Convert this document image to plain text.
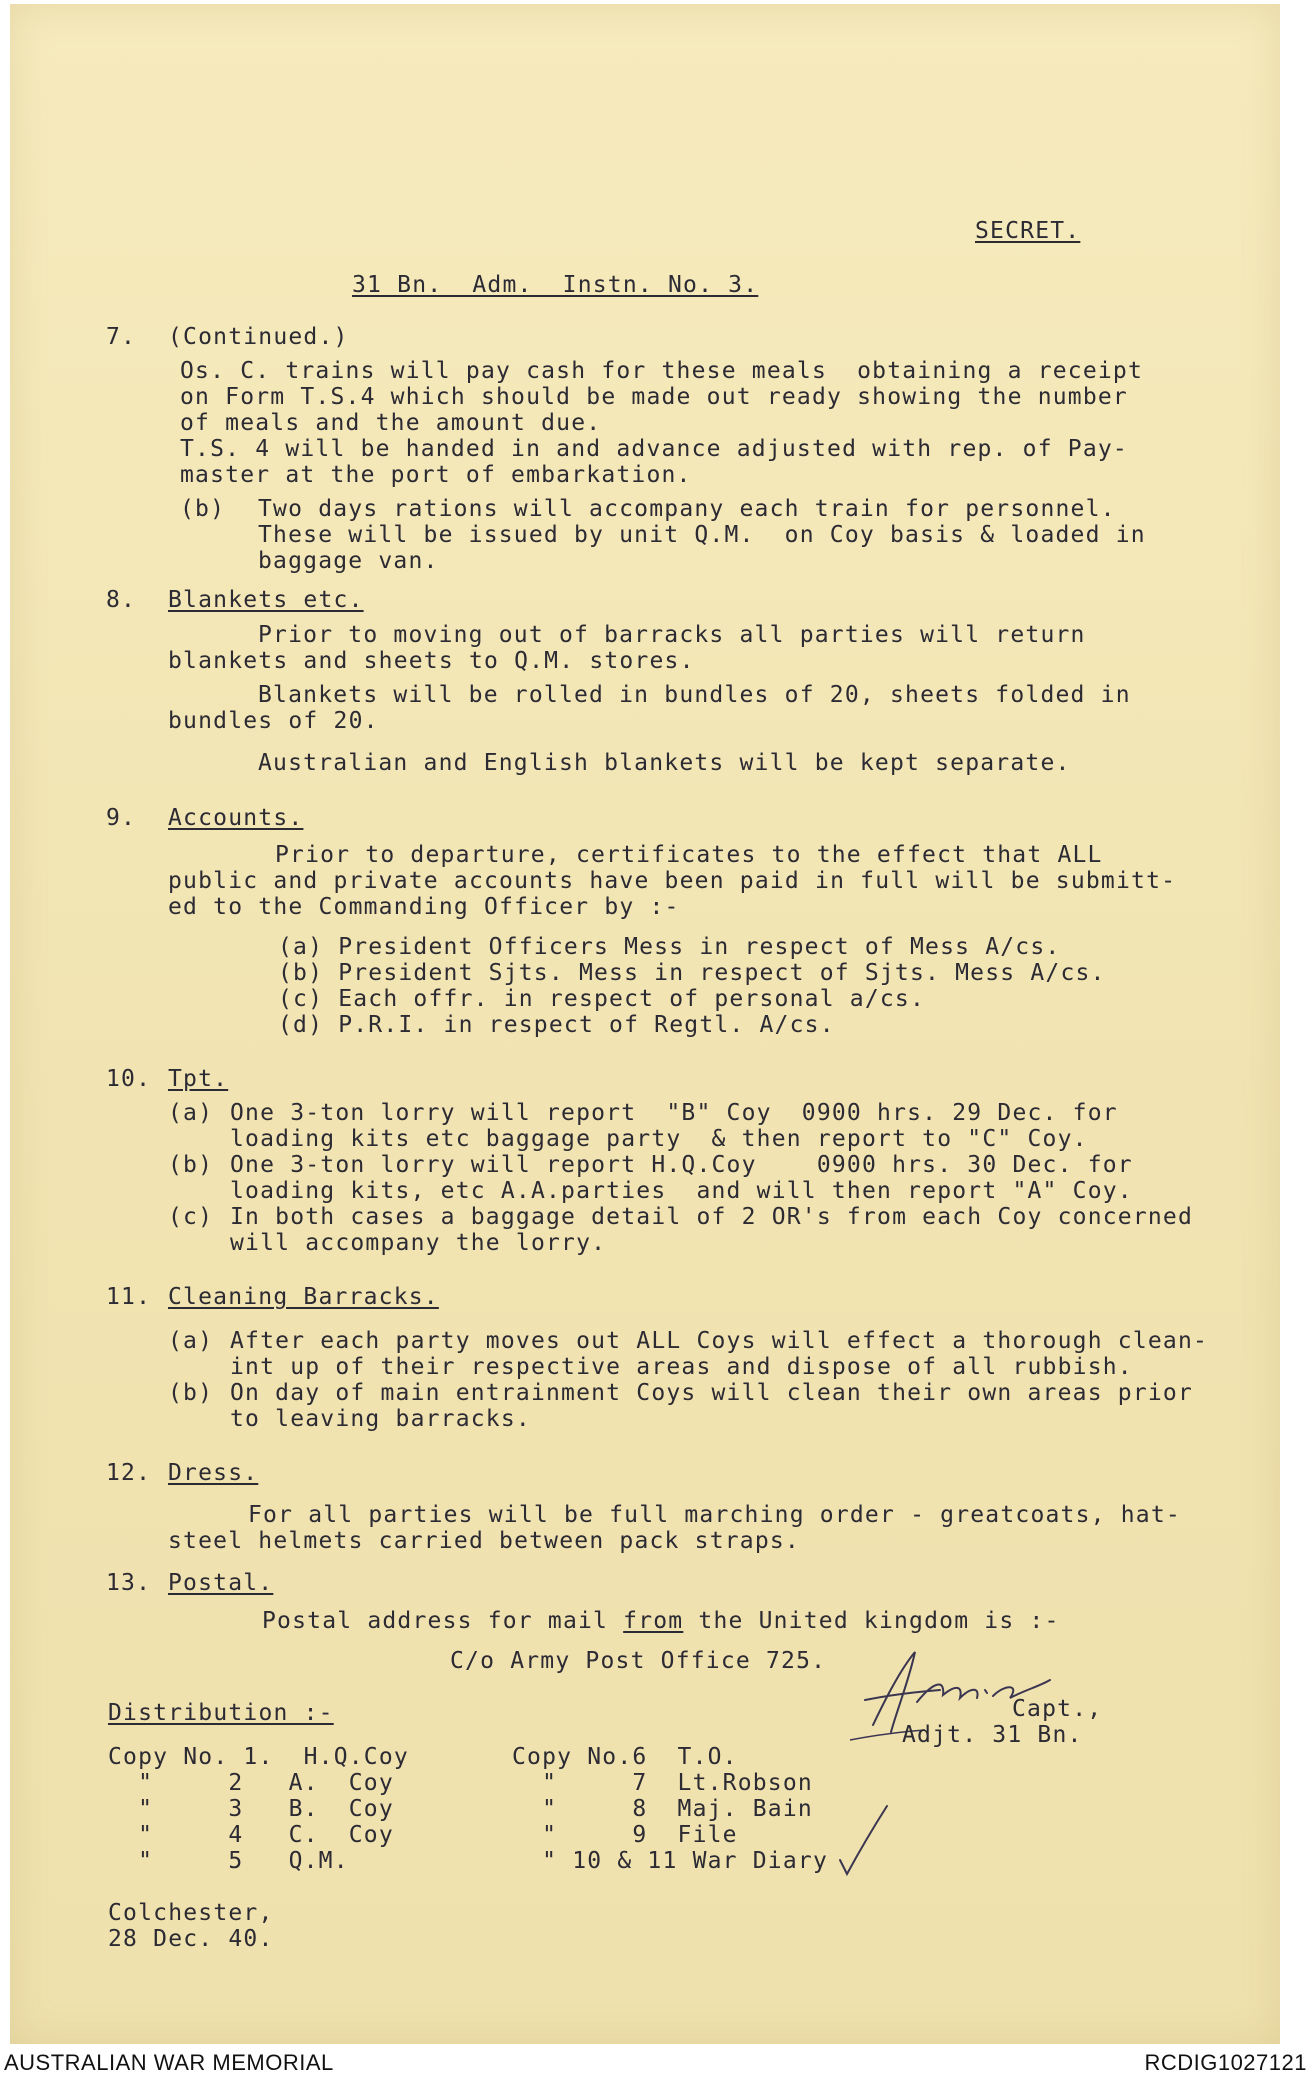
SECRET.
31 Bn.  Adm.  Instn. No. 3.
7. (Continued.)
Os. C. trains will pay cash for these meals  obtaining a receipt
on Form T.S.4 which should be made out ready showing the number
of meals and the amount due.
T.S. 4 will be handed in and advance adjusted with rep. of Pay-
master at the port of embarkation.
(b) Two days rations will accompany each train for personnel.
These will be issued by unit Q.M.  on Coy basis & loaded in
baggage van.
8. Blankets etc.
Prior to moving out of barracks all parties will return
blankets and sheets to Q.M. stores.
Blankets will be rolled in bundles of 20, sheets folded in
bundles of 20.
Australian and English blankets will be kept separate.
9. Accounts.
Prior to departure, certificates to the effect that ALL
public and private accounts have been paid in full will be submitt-
ed to the Commanding Officer by :-
(a) President Officers Mess in respect of Mess A/cs.
(b) President Sjts. Mess in respect of Sjts. Mess A/cs.
(c) Each offr. in respect of personal a/cs.
(d) P.R.I. in respect of Regtl. A/cs.
10. Tpt.
(a) One 3-ton lorry will report  "B" Coy  0900 hrs. 29 Dec. for
loading kits etc baggage party  & then report to "C" Coy.
(b) One 3-ton lorry will report H.Q.Coy    0900 hrs. 30 Dec. for
loading kits, etc A.A.parties  and will then report "A" Coy.
(c) In both cases a baggage detail of 2 OR's from each Coy concerned
will accompany the lorry.
11. Cleaning Barracks.
(a) After each party moves out ALL Coys will effect a thorough clean-
int up of their respective areas and dispose of all rubbish.
(b) On day of main entrainment Coys will clean their own areas prior
to leaving barracks.
12. Dress.
For all parties will be full marching order - greatcoats, hat-
steel helmets carried between pack straps.
13. Postal.
Postal address for mail from the United kingdom is :-
C/o Army Post Office 725.
Capt.,
Adjt. 31 Bn.
Distribution :-
Copy No. 1.  H.Q.Coy
"     2   A.  Coy
"     3   B.  Coy
"     4   C.  Coy
"     5   Q.M.
Copy No.6  T.O.
"     7  Lt.Robson
"     8  Maj. Bain
"     9  File
" 10 & 11 War Diary
Colchester,
28 Dec. 40.
AUSTRALIAN WAR MEMORIAL	RCDIG1027121
